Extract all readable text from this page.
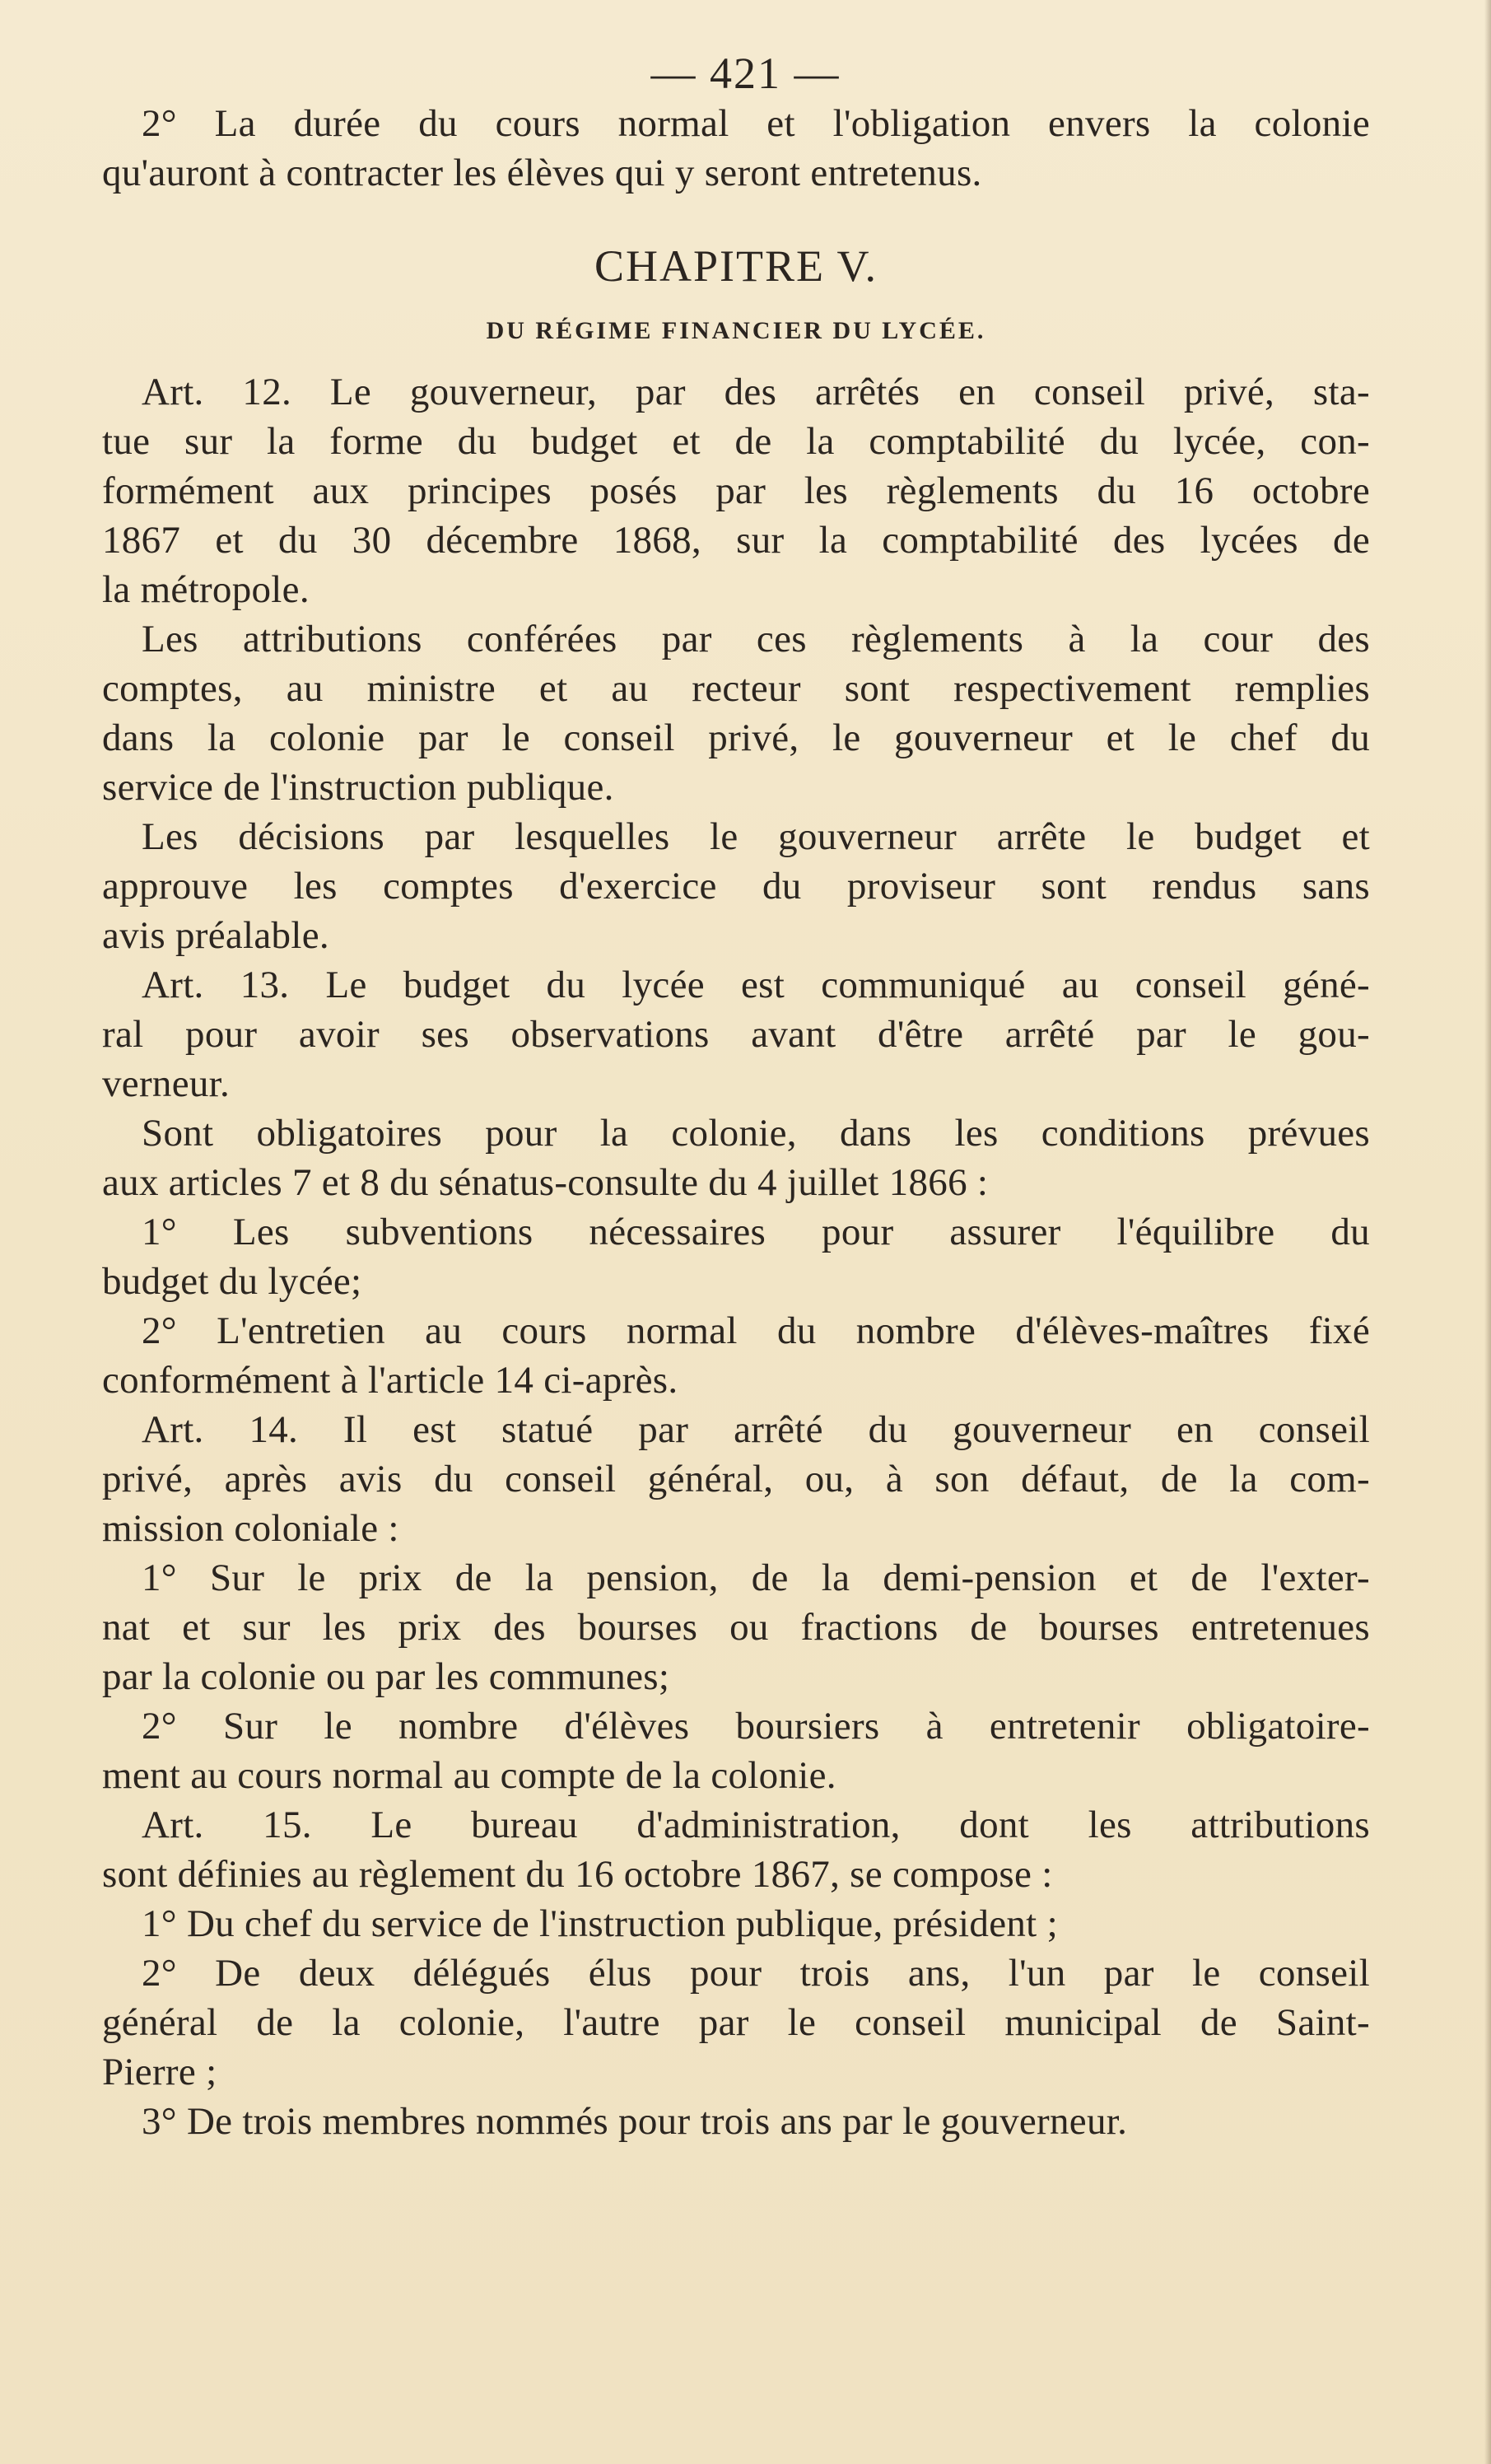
— 421 —
2° La durée du cours normal et l'obligation envers la colonie
qu'auront à contracter les élèves qui y seront entretenus.
CHAPITRE V.
DU RÉGIME FINANCIER DU LYCÉE.
Art. 12. Le gouverneur, par des arrêtés en conseil privé, sta-
tue sur la forme du budget et de la comptabilité du lycée, con-
formément aux principes posés par les règlements du 16 octobre
1867 et du 30 décembre 1868, sur la comptabilité des lycées de
la métropole.
Les attributions conférées par ces règlements à la cour des
comptes, au ministre et au recteur sont respectivement remplies
dans la colonie par le conseil privé, le gouverneur et le chef du
service de l'instruction publique.
Les décisions par lesquelles le gouverneur arrête le budget et
approuve les comptes d'exercice du proviseur sont rendus sans
avis préalable.
Art. 13. Le budget du lycée est communiqué au conseil géné-
ral pour avoir ses observations avant d'être arrêté par le gou-
verneur.
Sont obligatoires pour la colonie, dans les conditions prévues
aux articles 7 et 8 du sénatus-consulte du 4 juillet 1866 :
1° Les subventions nécessaires pour assurer l'équilibre du
budget du lycée;
2° L'entretien au cours normal du nombre d'élèves-maîtres fixé
conformément à l'article 14 ci-après.
Art. 14. Il est statué par arrêté du gouverneur en conseil
privé, après avis du conseil général, ou, à son défaut, de la com-
mission coloniale :
1° Sur le prix de la pension, de la demi-pension et de l'exter-
nat et sur les prix des bourses ou fractions de bourses entretenues
par la colonie ou par les communes;
2° Sur le nombre d'élèves boursiers à entretenir obligatoire-
ment au cours normal au compte de la colonie.
Art. 15. Le bureau d'administration, dont les attributions
sont définies au règlement du 16 octobre 1867, se compose :
1° Du chef du service de l'instruction publique, président ;
2° De deux délégués élus pour trois ans, l'un par le conseil
général de la colonie, l'autre par le conseil municipal de Saint-
Pierre ;
3° De trois membres nommés pour trois ans par le gouverneur.
